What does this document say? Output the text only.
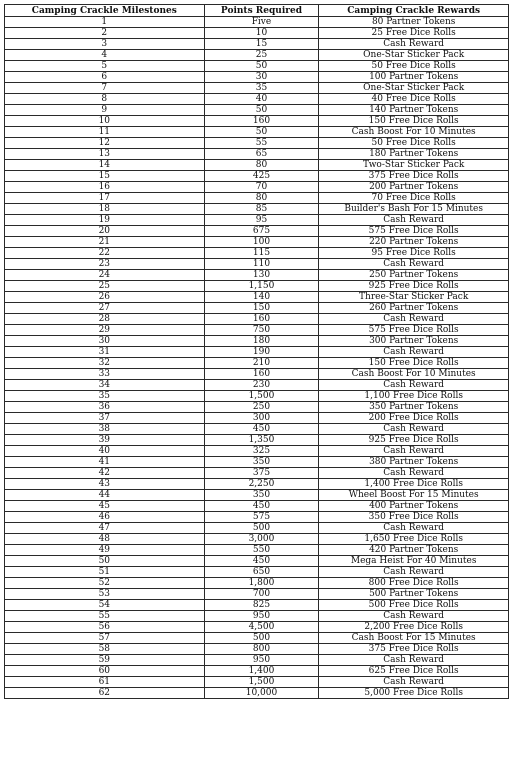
Camping Crackle Milestones	Points Required	Camping Crackle Rewards
1	Five	80 Partner Tokens
2	10	25 Free Dice Rolls
3	15	Cash Reward
4	25	One-Star Sticker Pack
5	50	50 Free Dice Rolls
6	30	100 Partner Tokens
7	35	One-Star Sticker Pack
8	40	40 Free Dice Rolls
9	50	140 Partner Tokens
10	160	150 Free Dice Rolls
11	50	Cash Boost For 10 Minutes
12	55	50 Free Dice Rolls
13	65	180 Partner Tokens
14	80	Two-Star Sticker Pack
15	425	375 Free Dice Rolls
16	70	200 Partner Tokens
17	80	70 Free Dice Rolls
18	85	Builder's Bash For 15 Minutes
19	95	Cash Reward
20	675	575 Free Dice Rolls
21	100	220 Partner Tokens
22	115	95 Free Dice Rolls
23	110	Cash Reward
24	130	250 Partner Tokens
25	1,150	925 Free Dice Rolls
26	140	Three-Star Sticker Pack
27	150	260 Partner Tokens
28	160	Cash Reward
29	750	575 Free Dice Rolls
30	180	300 Partner Tokens
31	190	Cash Reward
32	210	150 Free Dice Rolls
33	160	Cash Boost For 10 Minutes
34	230	Cash Reward
35	1,500	1,100 Free Dice Rolls
36	250	350 Partner Tokens
37	300	200 Free Dice Rolls
38	450	Cash Reward
39	1,350	925 Free Dice Rolls
40	325	Cash Reward
41	350	380 Partner Tokens
42	375	Cash Reward
43	2,250	1,400 Free Dice Rolls
44	350	Wheel Boost For 15 Minutes
45	450	400 Partner Tokens
46	575	350 Free Dice Rolls
47	500	Cash Reward
48	3,000	1,650 Free Dice Rolls
49	550	420 Partner Tokens
50	450	Mega Heist For 40 Minutes
51	650	Cash Reward
52	1,800	800 Free Dice Rolls
53	700	500 Partner Tokens
54	825	500 Free Dice Rolls
55	950	Cash Reward
56	4,500	2,200 Free Dice Rolls
57	500	Cash Boost For 15 Minutes
58	800	375 Free Dice Rolls
59	950	Cash Reward
60	1,400	625 Free Dice Rolls
61	1,500	Cash Reward
62	10,000	5,000 Free Dice Rolls
